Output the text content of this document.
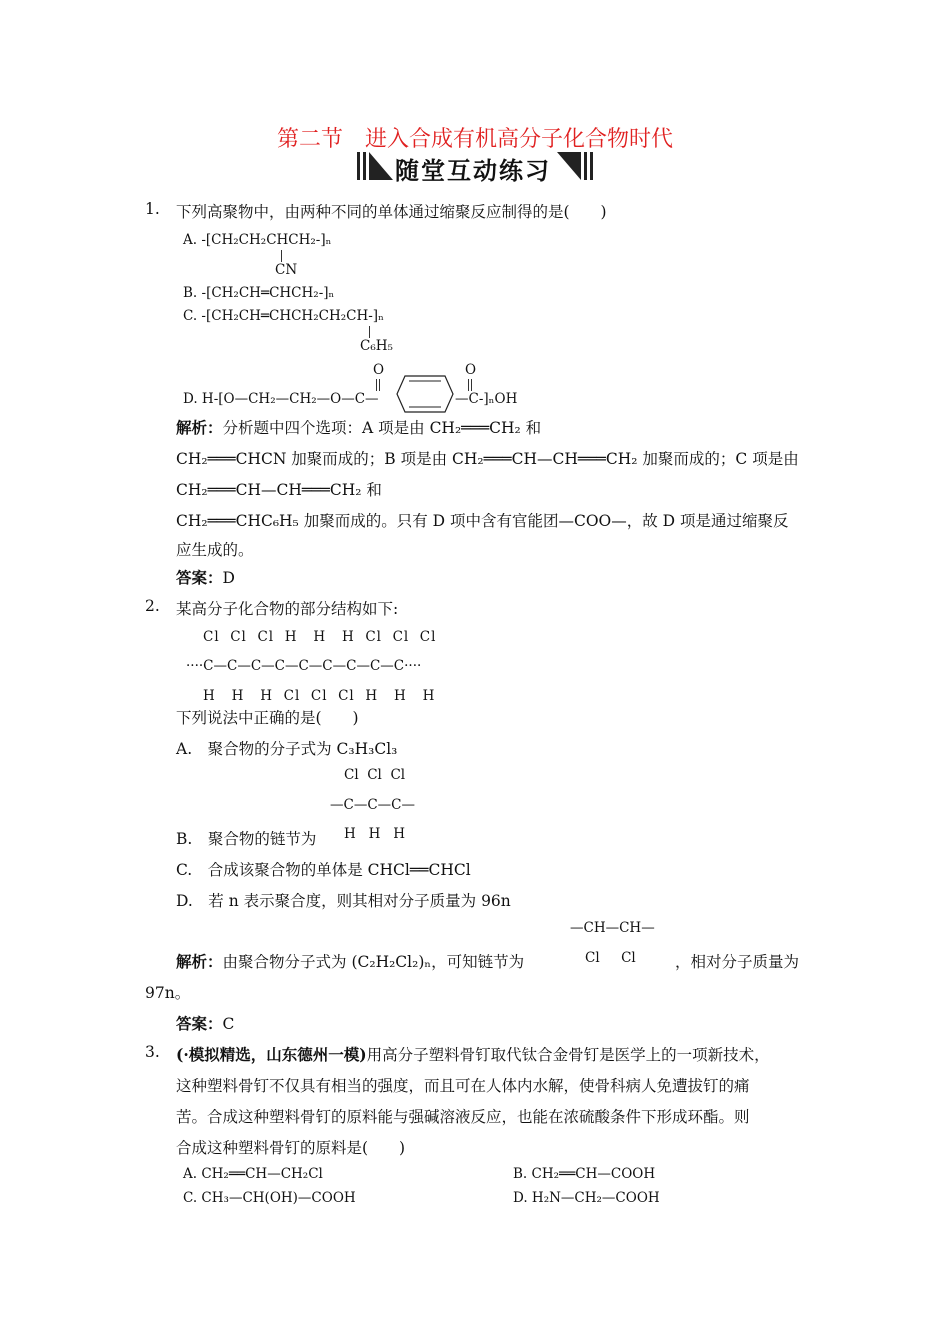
第二节　进入合成有机高分子化合物时代
随堂互动练习
1. 下列高聚物中，由两种不同的单体通过缩聚反应制得的是(　　)
A. ‐[CH₂CH₂CHCH₂‐]ₙ
CN
B. ‐[CH₂CH═CHCH₂‐]ₙ
C. ‐[CH₂CH═CHCH₂CH₂CH‐]ₙ
C₆H₅
O	O
D. H‐[O—CH₂—CH₂—O—C—	—C‐]ₙOH
解析：分析题中四个选项：A 项是由 CH₂═══CH₂ 和
CH₂═══CHCN 加聚而成的；B 项是由 CH₂═══CH—CH═══CH₂ 加聚而成的；C 项是由
CH₂═══CH—CH═══CH₂ 和
CH₂═══CHC₆H₅ 加聚而成的。只有 D 项中含有官能团—COO—，故 D 项是通过缩聚反
应生成的。
答案：D
2. 某高分子化合物的部分结构如下:
Cl  Cl  Cl  H   H   H  Cl  Cl  Cl
····C—C—C—C—C—C—C—C—C····
H   H   H  Cl  Cl  Cl  H   H   H
下列说法中正确的是(　　)
A.　聚合物的分子式为 C₃H₃Cl₃
Cl  Cl  Cl
—C—C—C—
H   H   H
B.　聚合物的链节为
C.　合成该聚合物的单体是 CHCl══CHCl
D.　若 n 表示聚合度，则其相对分子质量为 96n
—CH—CH—
Cl     Cl
解析：由聚合物分子式为 (C₂H₂Cl₂)ₙ，可知链节为	，相对分子质量为
97n。
答案：C
3. (·模拟精选，山东德州一模)用高分子塑料骨钉取代钛合金骨钉是医学上的一项新技术，
这种塑料骨钉不仅具有相当的强度，而且可在人体内水解，使骨科病人免遭拔钉的痛
苦。合成这种塑料骨钉的原料能与强碱溶液反应，也能在浓硫酸条件下形成环酯。则
合成这种塑料骨钉的原料是(　　)
A. CH₂══CH—CH₂Cl	B. CH₂══CH—COOH
C. CH₃—CH(OH)—COOH	D. H₂N—CH₂—COOH
